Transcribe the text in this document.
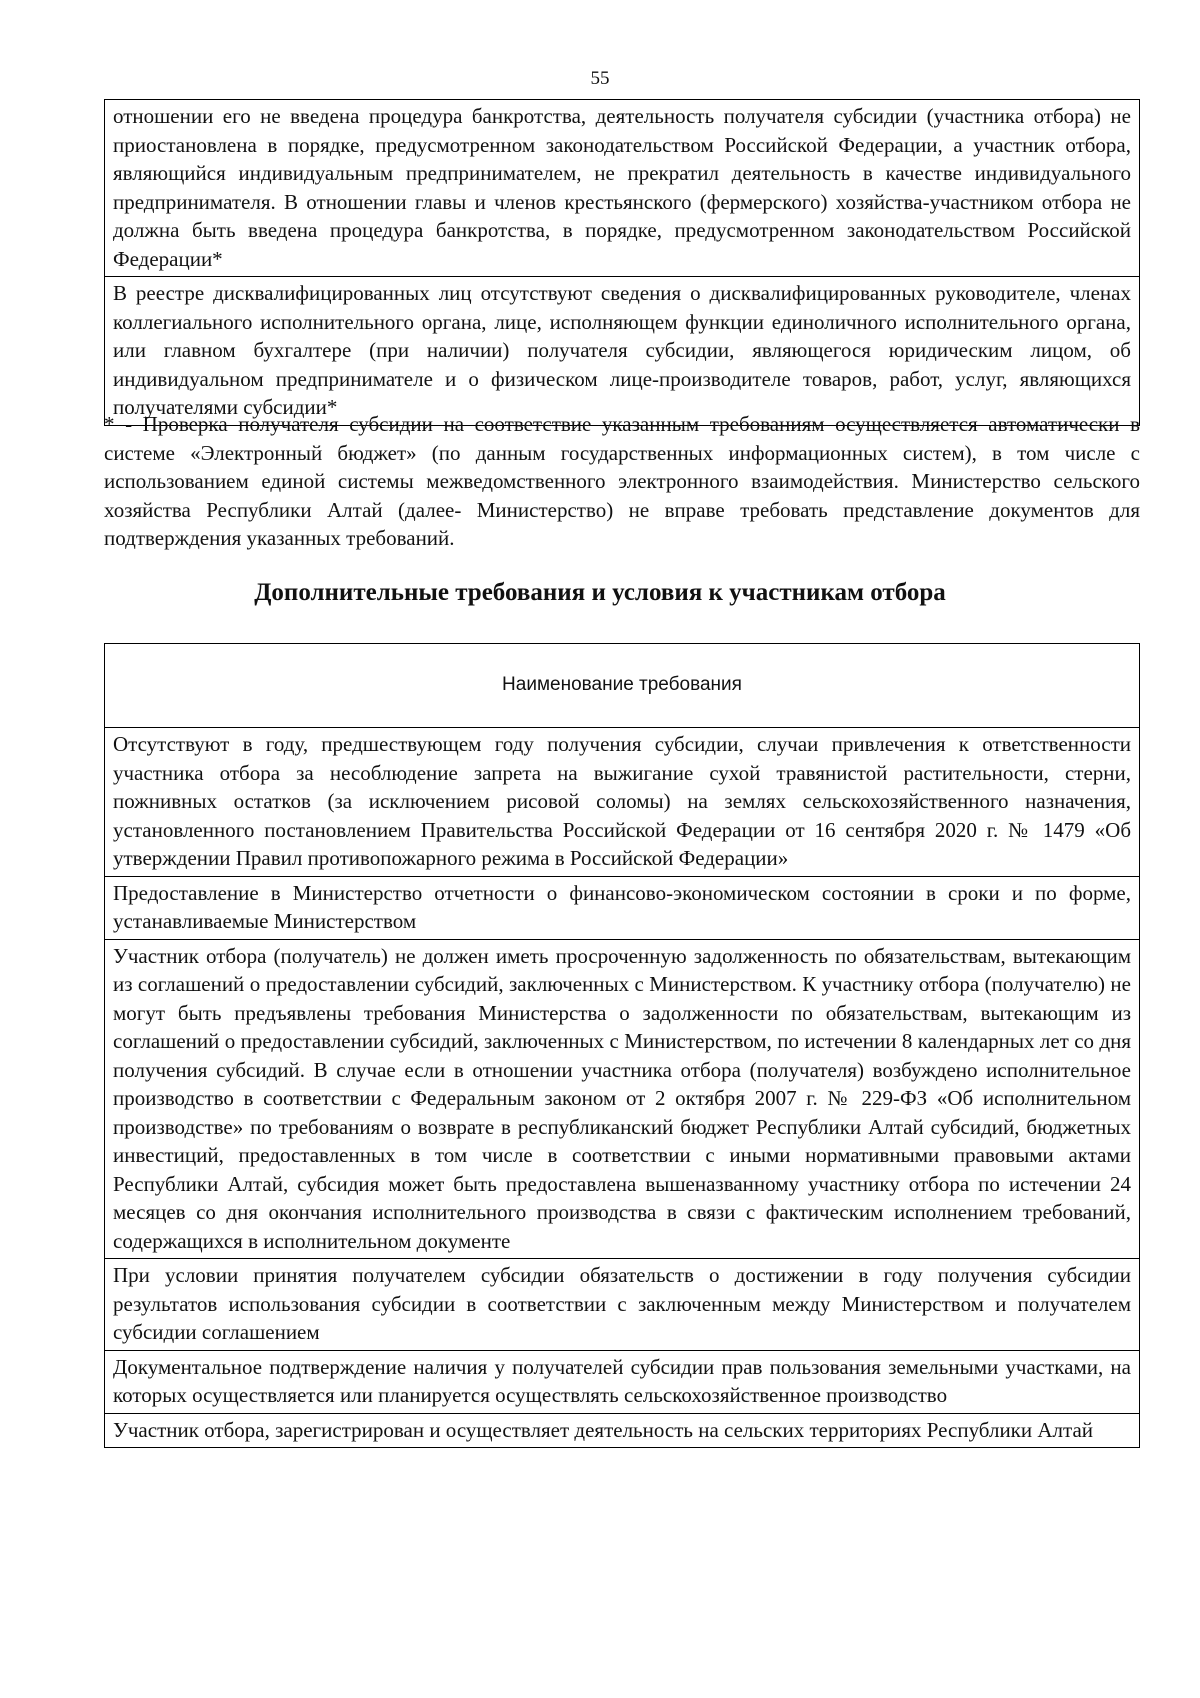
55
отношении его не введена процедура банкротства, деятельность получателя субсидии (участника отбора) не приостановлена в порядке, предусмотренном законодательством Российской Федерации, а участник отбора, являющийся индивидуальным предпринимателем, не прекратил деятельность в качестве индивидуального предпринимателя. В отношении главы и членов крестьянского (фермерского) хозяйства-участником отбора не должна быть введена процедура банкротства, в порядке, предусмотренном законодательством Российской Федерации*
В реестре дисквалифицированных лиц отсутствуют сведения о дисквалифицированных руководителе, членах коллегиального исполнительного органа, лице, исполняющем функции единоличного исполнительного органа, или главном бухгалтере (при наличии) получателя субсидии, являющегося юридическим лицом, об индивидуальном предпринимателе и о физическом лице-производителе товаров, работ, услуг, являющихся получателями субсидии*

* - Проверка получателя субсидии на соответствие указанным требованиям осуществляется автоматически в системе «Электронный бюджет» (по данным государственных информационных систем), в том числе с использованием единой системы межведомственного электронного взаимодействия. Министерство сельского хозяйства Республики Алтай (далее- Министерство) не вправе требовать представление документов для подтверждения указанных требований.

Дополнительные требования и условия к участникам отбора
Наименование требования
Отсутствуют в году, предшествующем году получения субсидии, случаи привлечения к ответственности участника отбора за несоблюдение запрета на выжигание сухой травянистой растительности, стерни, пожнивных остатков (за исключением рисовой соломы) на землях сельскохозяйственного назначения, установленного постановлением Правительства Российской Федерации от 16 сентября 2020 г. № 1479 «Об утверждении Правил противопожарного режима в Российской Федерации»
Предоставление в Министерство отчетности о финансово-экономическом состоянии в сроки и по форме, устанавливаемые Министерством
Участник отбора (получатель) не должен иметь просроченную задолженность по обязательствам, вытекающим из соглашений о предоставлении субсидий, заключенных с Министерством. К участнику отбора (получателю) не могут быть предъявлены требования Министерства о задолженности по обязательствам, вытекающим из соглашений о предоставлении субсидий, заключенных с Министерством, по истечении 8 календарных лет со дня получения субсидий. В случае если в отношении участника отбора (получателя) возбуждено исполнительное производство в соответствии с Федеральным законом от 2 октября 2007 г. № 229-ФЗ «Об исполнительном производстве» по требованиям о возврате в республиканский бюджет Республики Алтай субсидий, бюджетных инвестиций, предоставленных в том числе в соответствии с иными нормативными правовыми актами Республики Алтай, субсидия может быть предоставлена вышеназванному участнику отбора по истечении 24 месяцев со дня окончания исполнительного производства в связи с фактическим исполнением требований, содержащихся в исполнительном документе
При условии принятия получателем субсидии обязательств о достижении в году получения субсидии результатов использования субсидии в соответствии с заключенным между Министерством и получателем субсидии соглашением
Документальное подтверждение наличия у получателей субсидии прав пользования земельными участками, на которых осуществляется или планируется осуществлять сельскохозяйственное производство
Участник отбора, зарегистрирован и осуществляет деятельность на сельских территориях Республики Алтай
